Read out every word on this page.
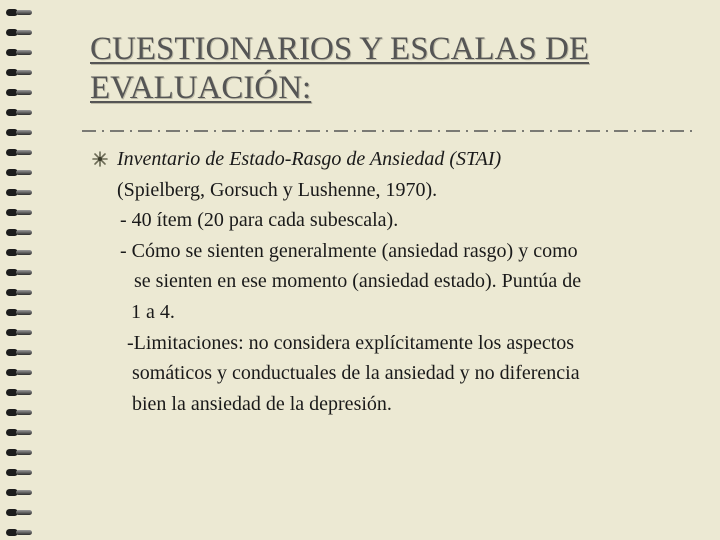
CUESTIONARIOS Y ESCALAS DE
EVALUACIÓN:
Inventario de Estado-Rasgo de Ansiedad (STAI)
(Spielberg, Gorsuch y Lushenne, 1970).
- 40 ítem (20 para cada subescala).
- Cómo se sienten generalmente (ansiedad rasgo) y como
se sienten en ese momento (ansiedad estado). Puntúa de
1 a 4.
-Limitaciones: no considera explícitamente los aspectos
somáticos y conductuales de la ansiedad y no diferencia
bien la ansiedad de la depresión.
